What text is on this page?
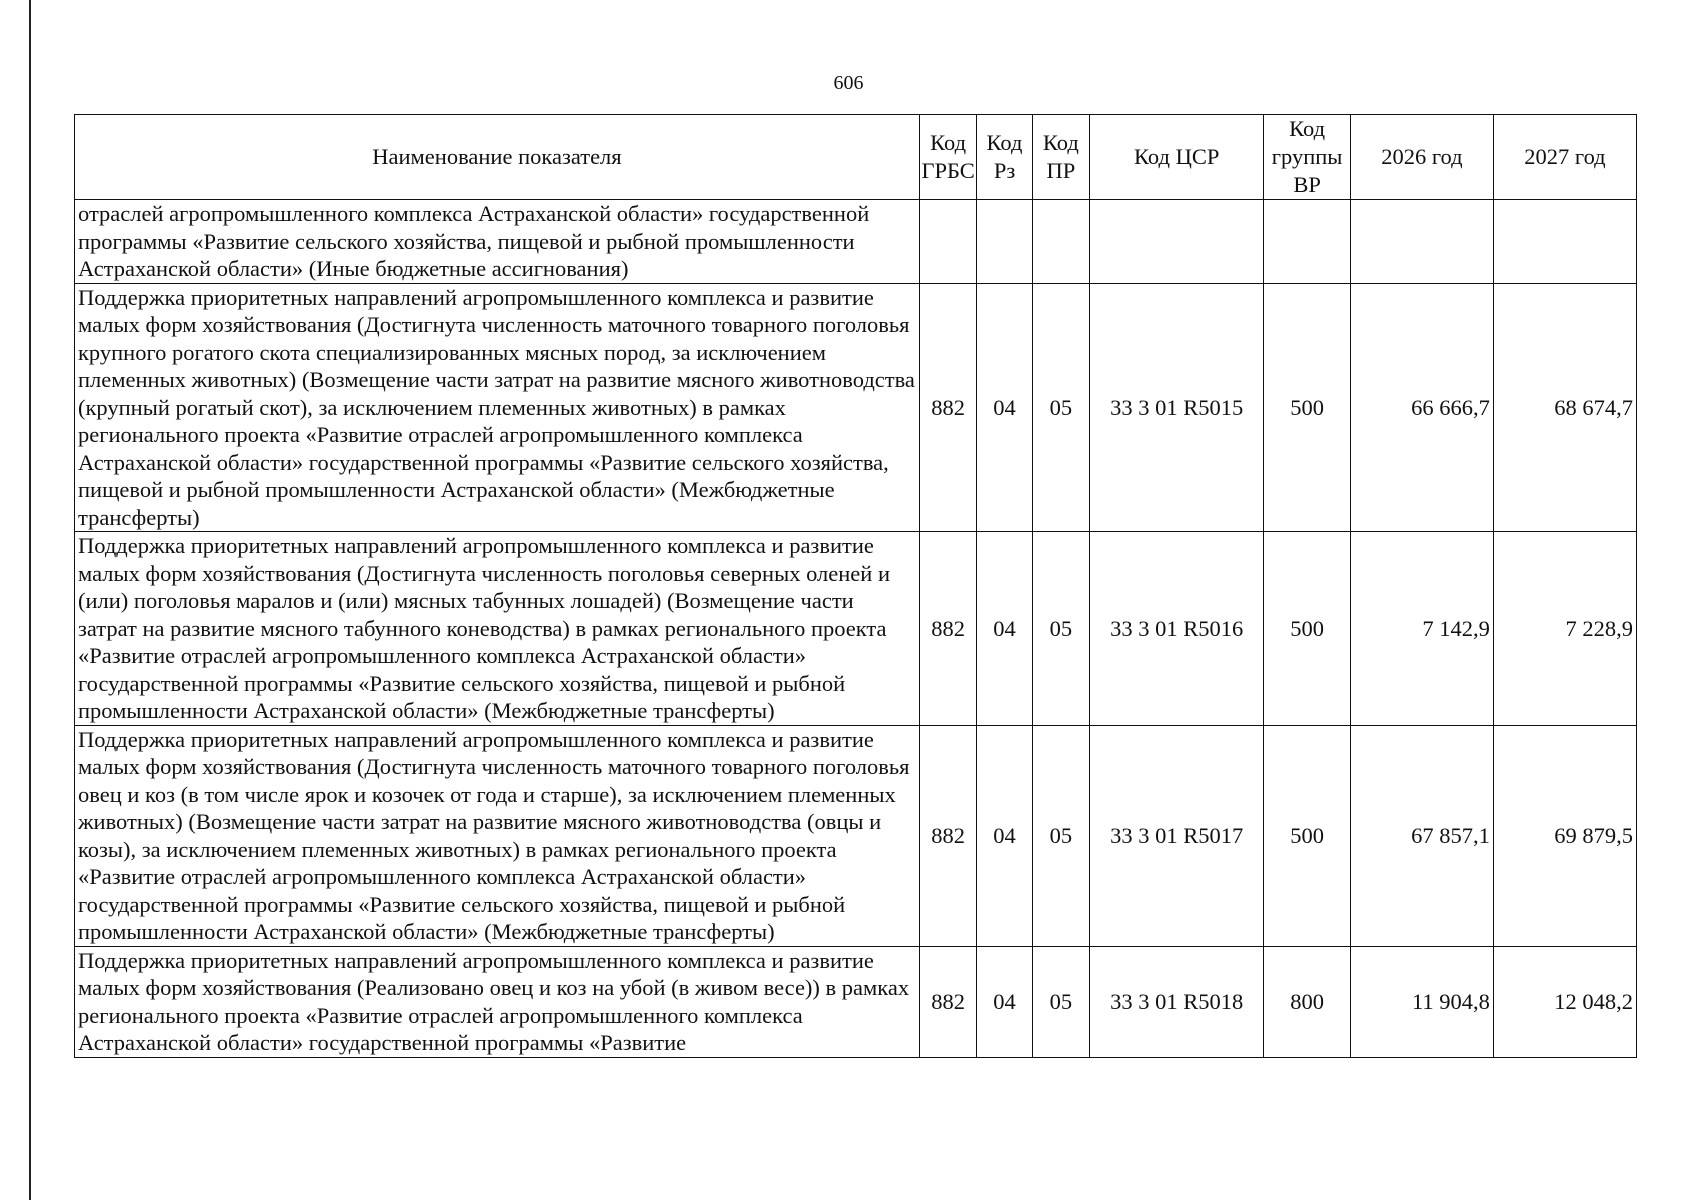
606
Наименование показателя	Код ГРБС	Код Рз	Код ПР	Код ЦСР	Код группы ВР	2026 год	2027 год
отраслей агропромышленного комплекса Астраханской области» государственной программы «Развитие сельского хозяйства, пищевой и рыбной промышленности Астраханской области» (Иные бюджетные ассигнования)							
Поддержка приоритетных направлений агропромышленного комплекса и развитие малых форм хозяйствования (Достигнута численность маточного товарного поголовья крупного рогатого скота специализированных мясных пород, за исключением племенных животных) (Возмещение части затрат на развитие мясного животноводства (крупный рогатый скот), за исключением племенных животных) в рамках регионального проекта «Развитие отраслей агропромышленного комплекса Астраханской области» государственной программы «Развитие сельского хозяйства, пищевой и рыбной промышленности Астраханской области» (Межбюджетные трансферты)	882	04	05	33 3 01 R5015	500	66 666,7	68 674,7
Поддержка приоритетных направлений агропромышленного комплекса и развитие малых форм хозяйствования (Достигнута численность поголовья северных оленей и (или) поголовья маралов и (или) мясных табунных лошадей) (Возмещение части затрат на развитие мясного табунного коневодства) в рамках регионального проекта «Развитие отраслей агропромышленного комплекса Астраханской области» государственной программы «Развитие сельского хозяйства, пищевой и рыбной промышленности Астраханской области» (Межбюджетные трансферты)	882	04	05	33 3 01 R5016	500	7 142,9	7 228,9
Поддержка приоритетных направлений агропромышленного комплекса и развитие малых форм хозяйствования (Достигнута численность маточного товарного поголовья овец и коз (в том числе ярок и козочек от года и старше), за исключением племенных животных) (Возмещение части затрат на развитие мясного животноводства (овцы и козы), за исключением племенных животных) в рамках регионального проекта «Развитие отраслей агропромышленного комплекса Астраханской области» государственной программы «Развитие сельского хозяйства, пищевой и рыбной промышленности Астраханской области» (Межбюджетные трансферты)	882	04	05	33 3 01 R5017	500	67 857,1	69 879,5
Поддержка приоритетных направлений агропромышленного комплекса и развитие малых форм хозяйствования (Реализовано овец и коз на убой (в живом весе)) в рамках регионального проекта «Развитие отраслей агропромышленного комплекса Астраханской области» государственной программы «Развитие	882	04	05	33 3 01 R5018	800	11 904,8	12 048,2
